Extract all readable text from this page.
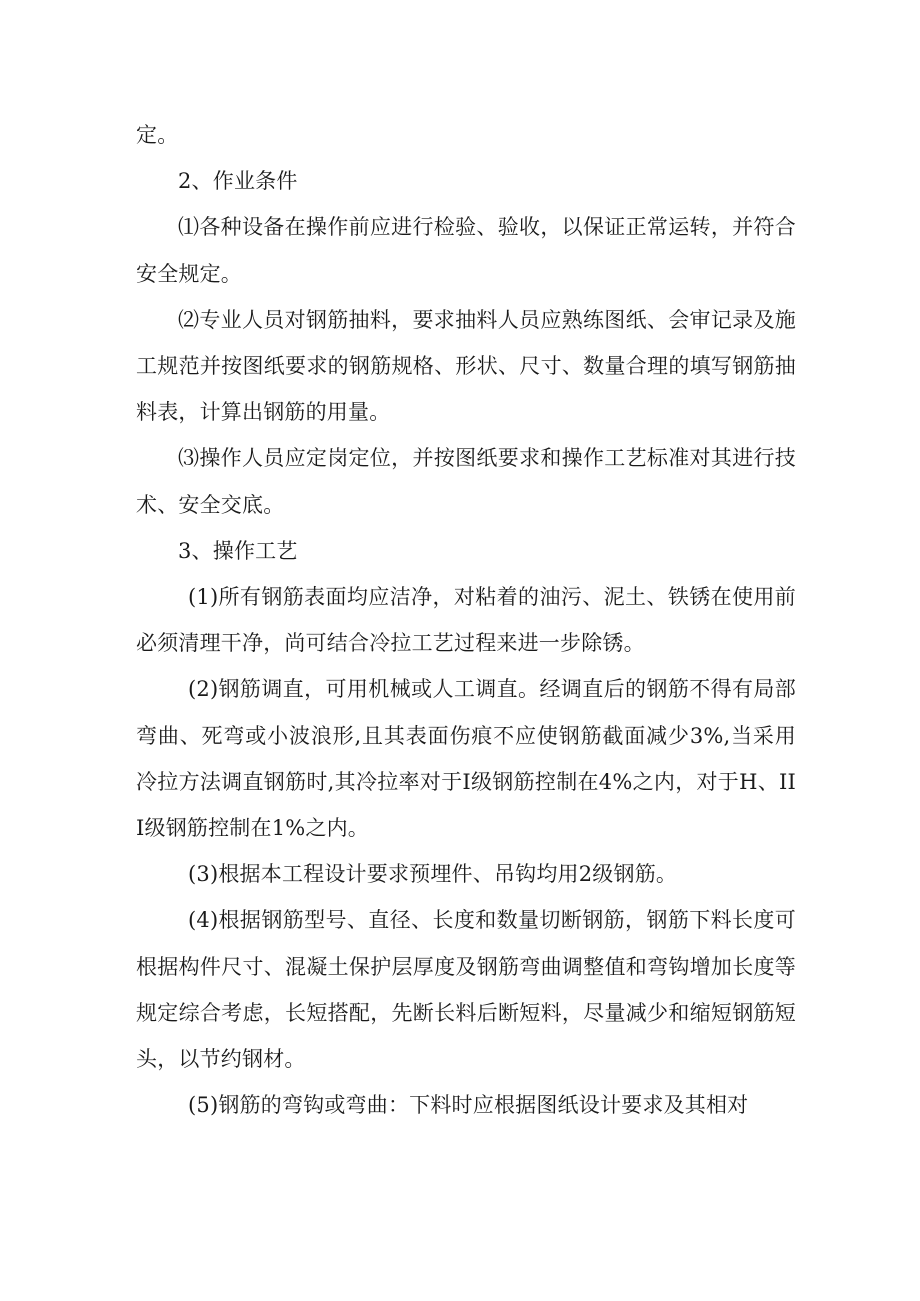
定。

2、作业条件

⑴各种设备在操作前应进行检验、验收，以保证正常运转，并符合安全规定。

⑵专业人员对钢筋抽料，要求抽料人员应熟练图纸、会审记录及施工规范并按图纸要求的钢筋规格、形状、尺寸、数量合理的填写钢筋抽料表，计算出钢筋的用量。

⑶操作人员应定岗定位，并按图纸要求和操作工艺标准对其进行技术、安全交底。

3、操作工艺

(1)所有钢筋表面均应洁净，对粘着的油污、泥土、铁锈在使用前必须清理干净，尚可结合冷拉工艺过程来进一步除锈。

(2)钢筋调直，可用机械或人工调直。经调直后的钢筋不得有局部弯曲、死弯或小波浪形,且其表面伤痕不应使钢筋截面减少3%,当采用冷拉方法调直钢筋时,其冷拉率对于I级钢筋控制在4%之内，对于H、III级钢筋控制在1%之内。

(3)根据本工程设计要求预埋件、吊钩均用2级钢筋。

(4)根据钢筋型号、直径、长度和数量切断钢筋，钢筋下料长度可根据构件尺寸、混凝土保护层厚度及钢筋弯曲调整值和弯钩增加长度等规定综合考虑，长短搭配，先断长料后断短料，尽量减少和缩短钢筋短头，以节约钢材。

(5)钢筋的弯钩或弯曲：下料时应根据图纸设计要求及其相对
